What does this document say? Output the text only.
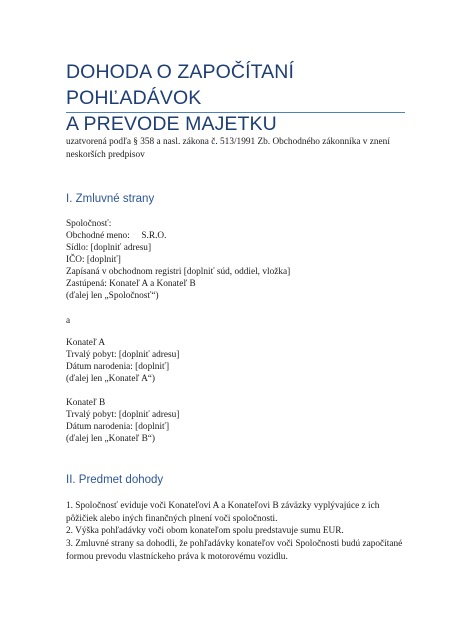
DOHODA O ZAPOČÍTANÍ POHĽADÁVOK
A PREVODE MAJETKU
uzatvorená podľa § 358 a nasl. zákona č. 513/1991 Zb. Obchodného zákonníka v znení neskorších predpisov
I. Zmluvné strany
Spoločnosť:
Obchodné meno:     S.R.O.
Sídlo: [doplniť adresu]
IČO: [doplniť]
Zapísaná v obchodnom registri [doplniť súd, oddiel, vložka]
Zastúpená: Konateľ A a Konateľ B
(ďalej len „Spoločnosť“)
a
Konateľ A
Trvalý pobyt: [doplniť adresu]
Dátum narodenia: [doplniť]
(ďalej len „Konateľ A“)
Konateľ B
Trvalý pobyt: [doplniť adresu]
Dátum narodenia: [doplniť]
(ďalej len „Konateľ B“)
II. Predmet dohody
1. Spoločnosť eviduje voči Konateľovi A a Konateľovi B záväzky vyplývajúce z ich pôžičiek alebo iných finančných plnení voči spoločnosti.
2. Výška pohľadávky voči obom konateľom spolu predstavuje sumu EUR.
3. Zmluvné strany sa dohodli, že pohľadávky konateľov voči Spoločnosti budú započítané formou prevodu vlastníckeho práva k motorovému vozidlu.
